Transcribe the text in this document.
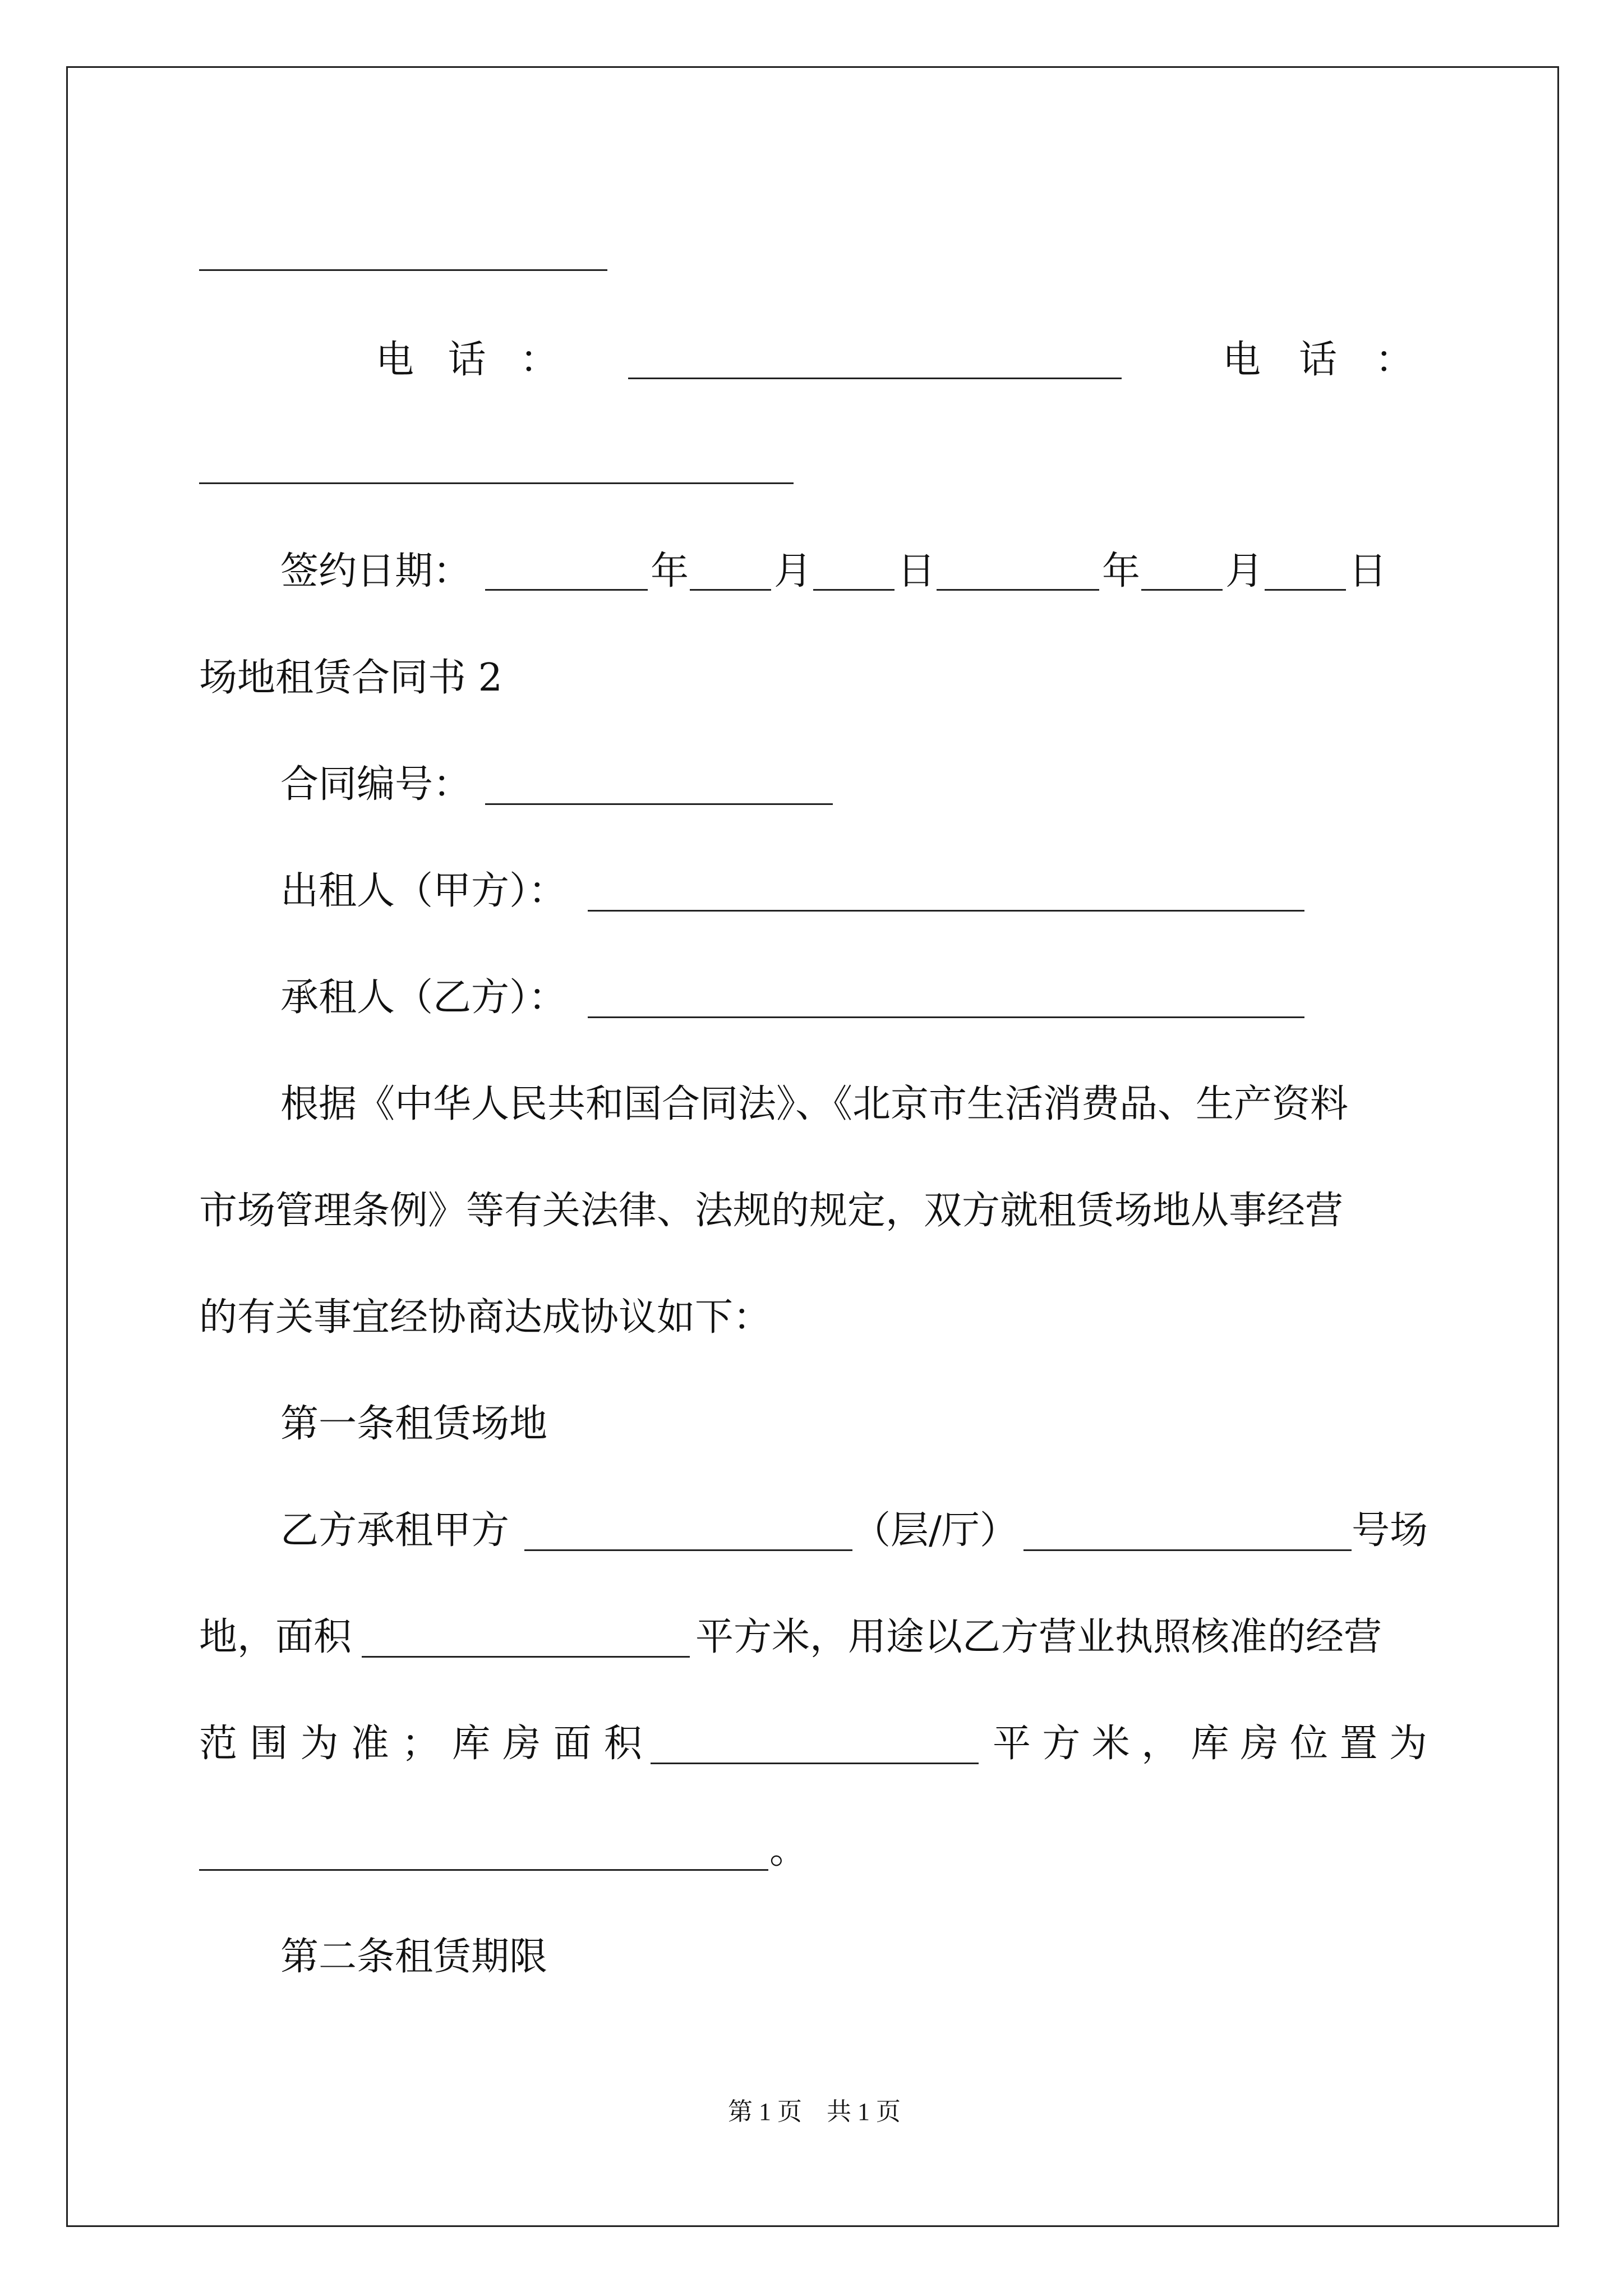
电 话 ：	电 话 ：
签约日期：	年 月 日	年 月 日
场地租赁合同书 2
合同编号：
出租人（甲方）：
承租人（乙方）：
根据《中华人民共和国合同法》、《北京市生活消费品、生产资料
市场管理条例》等有关法律、法规的规定，双方就租赁场地从事经营
的有关事宜经协商达成协议如下：
第一条租赁场地
乙方承租甲方	（层/厅）	号场
地，面积	平方米，用途以乙方营业执照核准的经营
范 围 为 准 ； 库 房 面 积	平 方 米 ， 库 房 位 置 为
。
第二条租赁期限
第 1 页　共 1 页
